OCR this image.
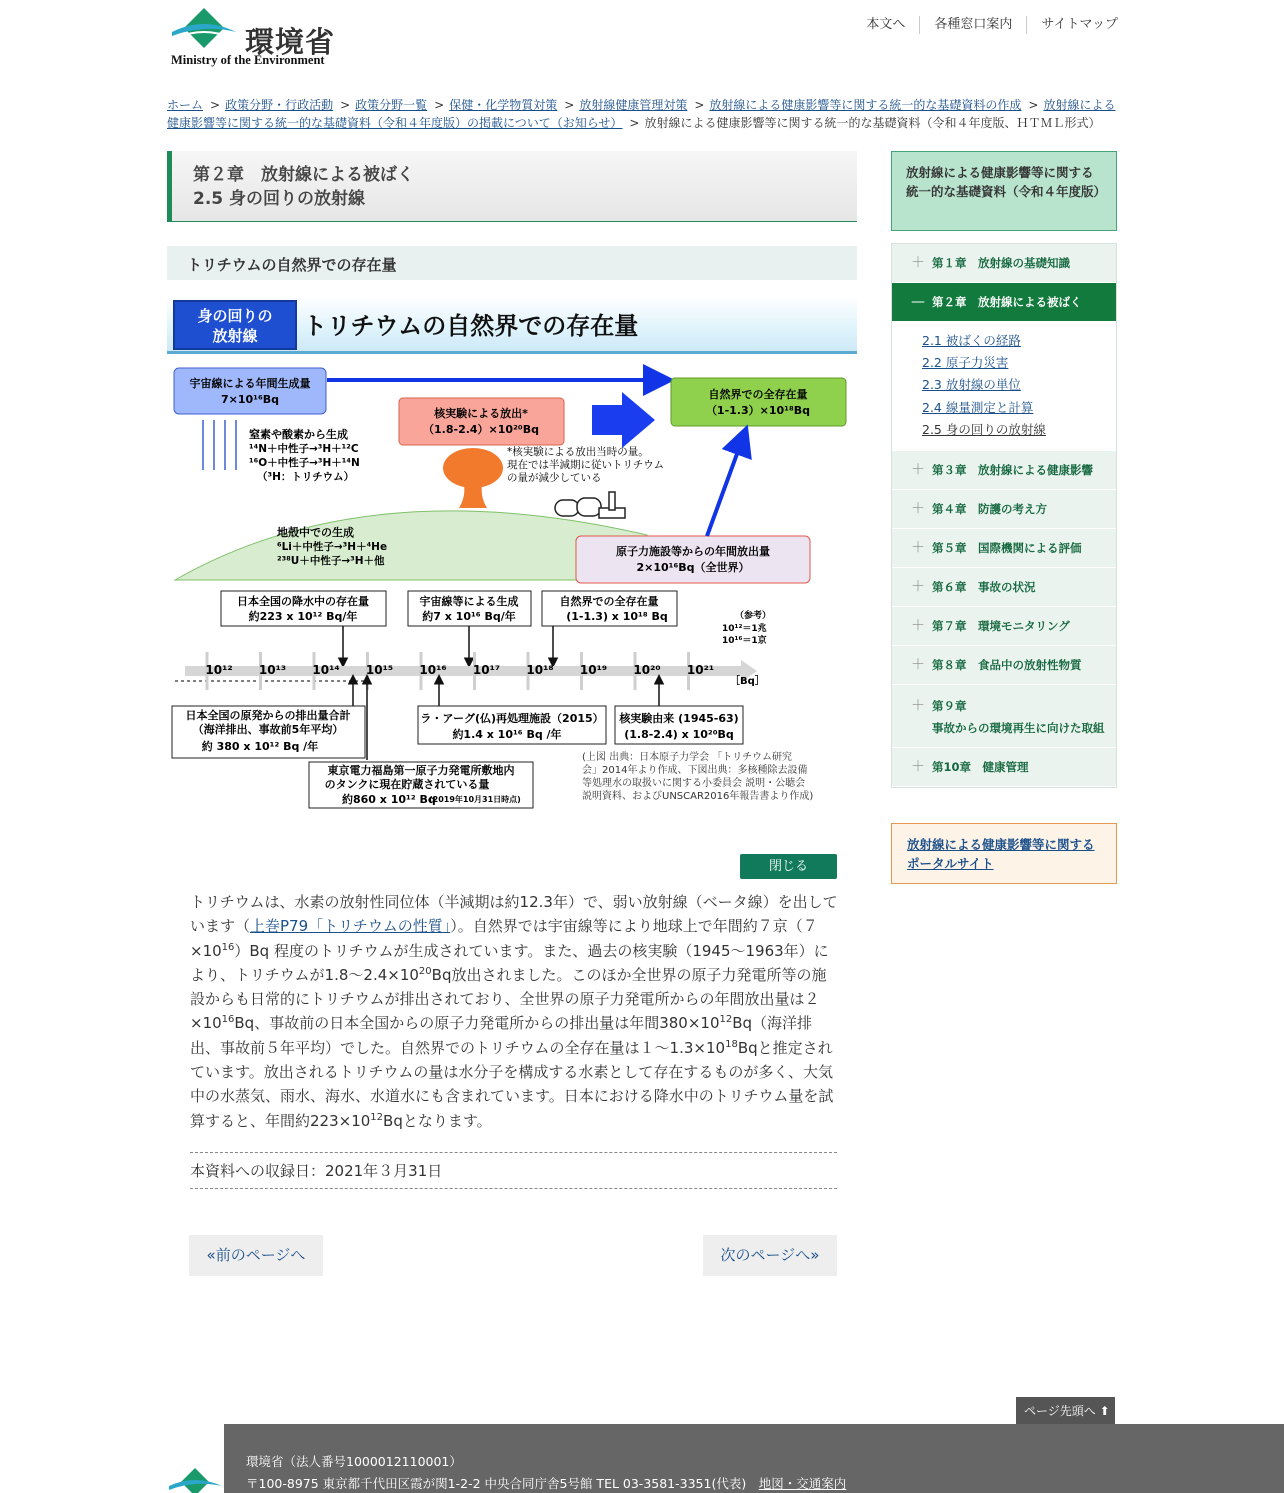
環境省
Ministry of the Environment
本文へ	各種窓口案内	サイトマップ
ホーム > 政策分野・行政活動 > 政策分野一覧 > 保健・化学物質対策 > 放射線健康管理対策 > 放射線による健康影響等に関する統一的な基礎資料の作成 > 放射線による健康影響等に関する統一的な基礎資料（令和４年度版）の掲載について（お知らせ） > 放射線による健康影響等に関する統一的な基礎資料（令和４年度版、ＨＴＭＬ形式）
第２章　放射線による被ばく
2.5 身の回りの放射線
トリチウムの自然界での存在量
身の回りの
放射線	トリチウムの自然界での存在量
宇宙線による年間生成量
7×10¹⁶Bq
窒素や酸素から生成
¹⁴N＋中性子→³H＋¹²C
¹⁶O＋中性子→³H＋¹⁴N
（³H：トリチウム）
核実験による放出*
（1.8-2.4）×10²⁰Bq
自然界での全存在量
（1-1.3）×10¹⁸Bq
*核実験による放出当時の量。
現在では半減期に従いトリチウム
の量が減少している
地殻中での生成
⁶Li＋中性子→³H＋⁴He
²³⁸U＋中性子→³H＋他
原子力施設等からの年間放出量
2×10¹⁶Bq（全世界）
日本全国の降水中の存在量
約223 x 10¹² Bq/年
宇宙線等による生成
約7 x 10¹⁶ Bq/年
自然界での全存在量
(1-1.3) x 10¹⁸ Bq	（参考）
10¹²＝1兆
10¹⁶＝1京
10¹² 10¹³ 10¹⁴ 10¹⁵ 10¹⁶ 10¹⁷ 10¹⁸ 10¹⁹ 10²⁰ 10²¹
［Bq］
日本全国の原発からの排出量合計
（海洋排出、事故前5年平均）
約 380 x 10¹² Bq /年
ラ・アーグ(仏)再処理施設（2015）
約1.4 x 10¹⁶ Bq /年
核実験由来 (1945-63)
(1.8-2.4) x 10²⁰Bq
東京電力福島第一原子力発電所敷地内
のタンクに現在貯蔵されている量
約860 x 10¹² Bq
(2019年10月31日時点)
(上図 出典：日本原子力学会 「トリチウム研究
会」2014年より作成、下図出典：多核種除去設備
等処理水の取扱いに関する小委員会 説明・公聴会
説明資料、およびUNSCAR2016年報告書より作成)
閉じる
トリチウムは、水素の放射性同位体（半減期は約12.3年）で、弱い放射線（ベータ線）を出しています（上巻P79「トリチウムの性質」）。自然界では宇宙線等により地球上で年間約７京$(7\times 10^{16})Bq$ 程度のトリチウムが生成されています。また、過去の核実験（1945〜1963年）により、トリチウムが1.8〜$2.4\times 10^{20}Bq$放出されました。このほか全世界の原子力発電所等の施設からも日常的にトリチウムが排出されており、全世界の原子力発電所からの年間放出量は$2\times 10^{16}Bq$、事故前の日本全国からの原子力発電所からの排出量は年間$380\times 10^{12}Bq$（海洋排出、事故前５年平均）でした。自然界でのトリチウムの全存在量は１〜$1.3\times 10^{18}Bq$と推定されています。放出されるトリチウムの量は水分子を構成する水素として存在するものが多く、大気中の水蒸気、雨水、海水、水道水にも含まれています。日本における降水中のトリチウム量を試算すると、年間約$223\times 10^{12}Bq$となります。
本資料への収録日：2021年３月31日
«前のページへ	次のページへ»
放射線による健康影響等に関する統一的な基礎資料（令和４年度版）
＋ 第１章　放射線の基礎知識
— 第２章　放射線による被ばく
2.1 被ばくの経路
2.2 原子力災害
2.3 放射線の単位
2.4 線量測定と計算
2.5 身の回りの放射線
＋ 第３章　放射線による健康影響
＋ 第４章　防護の考え方
＋ 第５章　国際機関による評価
＋ 第６章　事故の状況
＋ 第７章　環境モニタリング
＋ 第８章　食品中の放射性物質
＋ 第９章
事故からの環境再生に向けた取組
＋ 第10章　健康管理
放射線による健康影響等に関するポータルサイト
ページ先頭へ ⬆
環境省（法人番号1000012110001）
〒100-8975 東京都千代田区霞が関1-2-2 中央合同庁舎5号館 TEL 03-3581-3351(代表)　 地図・交通案内
